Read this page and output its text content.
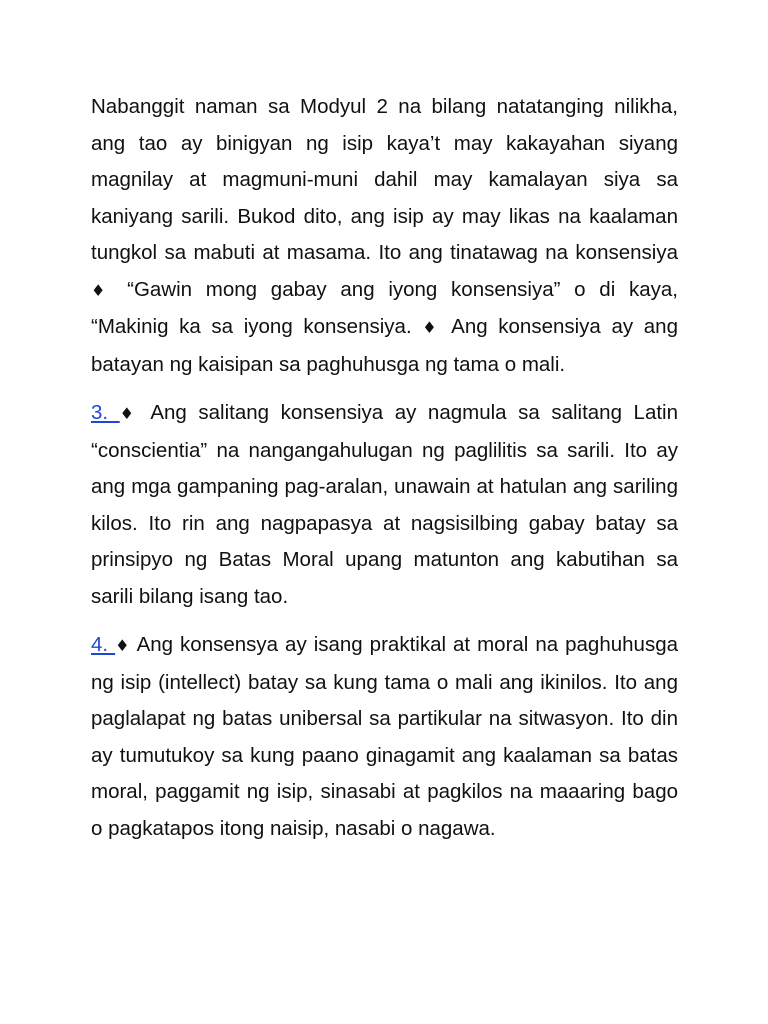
Nabanggit naman sa Modyul 2 na bilang natatanging nilikha, ang tao ay binigyan ng isip kaya’t may kakayahan siyang magnilay at magmuni-muni dahil may kamalayan siya sa kaniyang sarili. Bukod dito, ang isip ay may likas na kaalaman tungkol sa mabuti at masama. Ito ang tinatawag na konsensiya ♦ “Gawin mong gabay ang iyong konsensiya” o di kaya, “Makinig ka sa iyong konsensiya. ♦ Ang konsensiya ay ang batayan ng kaisipan sa paghuhusga ng tama o mali.

3. ♦ Ang salitang konsensiya ay nagmula sa salitang Latin “conscientia” na nangangahulugan ng paglilitis sa sarili. Ito ay ang mga gampaning pag-aralan, unawain at hatulan ang sariling kilos. Ito rin ang nagpapasya at nagsisilbing gabay batay sa prinsipyo ng Batas Moral upang matunton ang kabutihan sa sarili bilang isang tao.

4. ♦ Ang konsensya ay isang praktikal at moral na paghuhusga ng isip (intellect) batay sa kung tama o mali ang ikinilos. Ito ang paglalapat ng batas unibersal sa partikular na sitwasyon. Ito din ay tumutukoy sa kung paano ginagamit ang kaalaman sa batas moral, paggamit ng isip, sinasabi at pagkilos na maaaring bago o pagkatapos itong naisip, nasabi o nagawa.
